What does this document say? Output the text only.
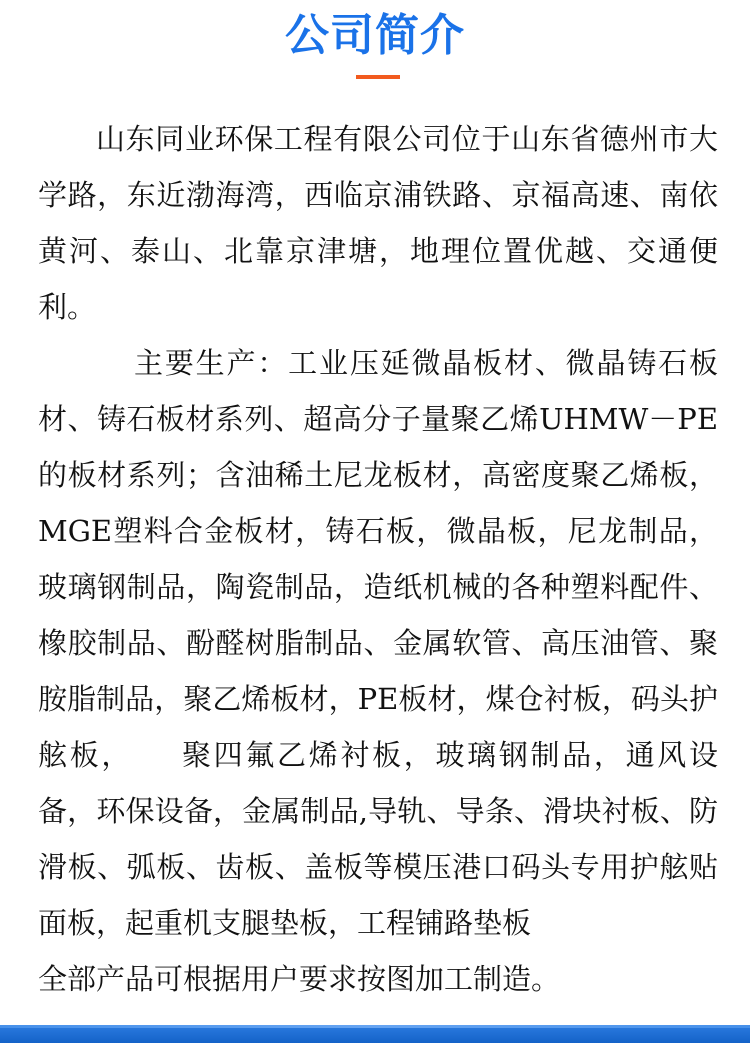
公司简介

山东同业环保工程有限公司位于山东省德州市大学路，东近渤海湾，西临京浦铁路、京福高速、南依黄河、泰山、北靠京津塘，地理位置优越、交通便利。

主要生产：工业压延微晶板材、微晶铸石板材、铸石板材系列、超高分子量聚乙烯UHMW－PE的板材系列；含油稀土尼龙板材，高密度聚乙烯板，MGE塑料合金板材，铸石板，微晶板，尼龙制品，玻璃钢制品，陶瓷制品，造纸机械的各种塑料配件、橡胶制品、酚醛树脂制品、金属软管、高压油管、聚胺脂制品，聚乙烯板材，PE板材，煤仓衬板，码头护舷板，　　聚四氟乙烯衬板，玻璃钢制品，通风设备，环保设备，金属制品,导轨、导条、滑块衬板、防滑板、弧板、齿板、盖板等模压港口码头专用护舷贴面板，起重机支腿垫板，工程铺路垫板

全部产品可根据用户要求按图加工制造。
